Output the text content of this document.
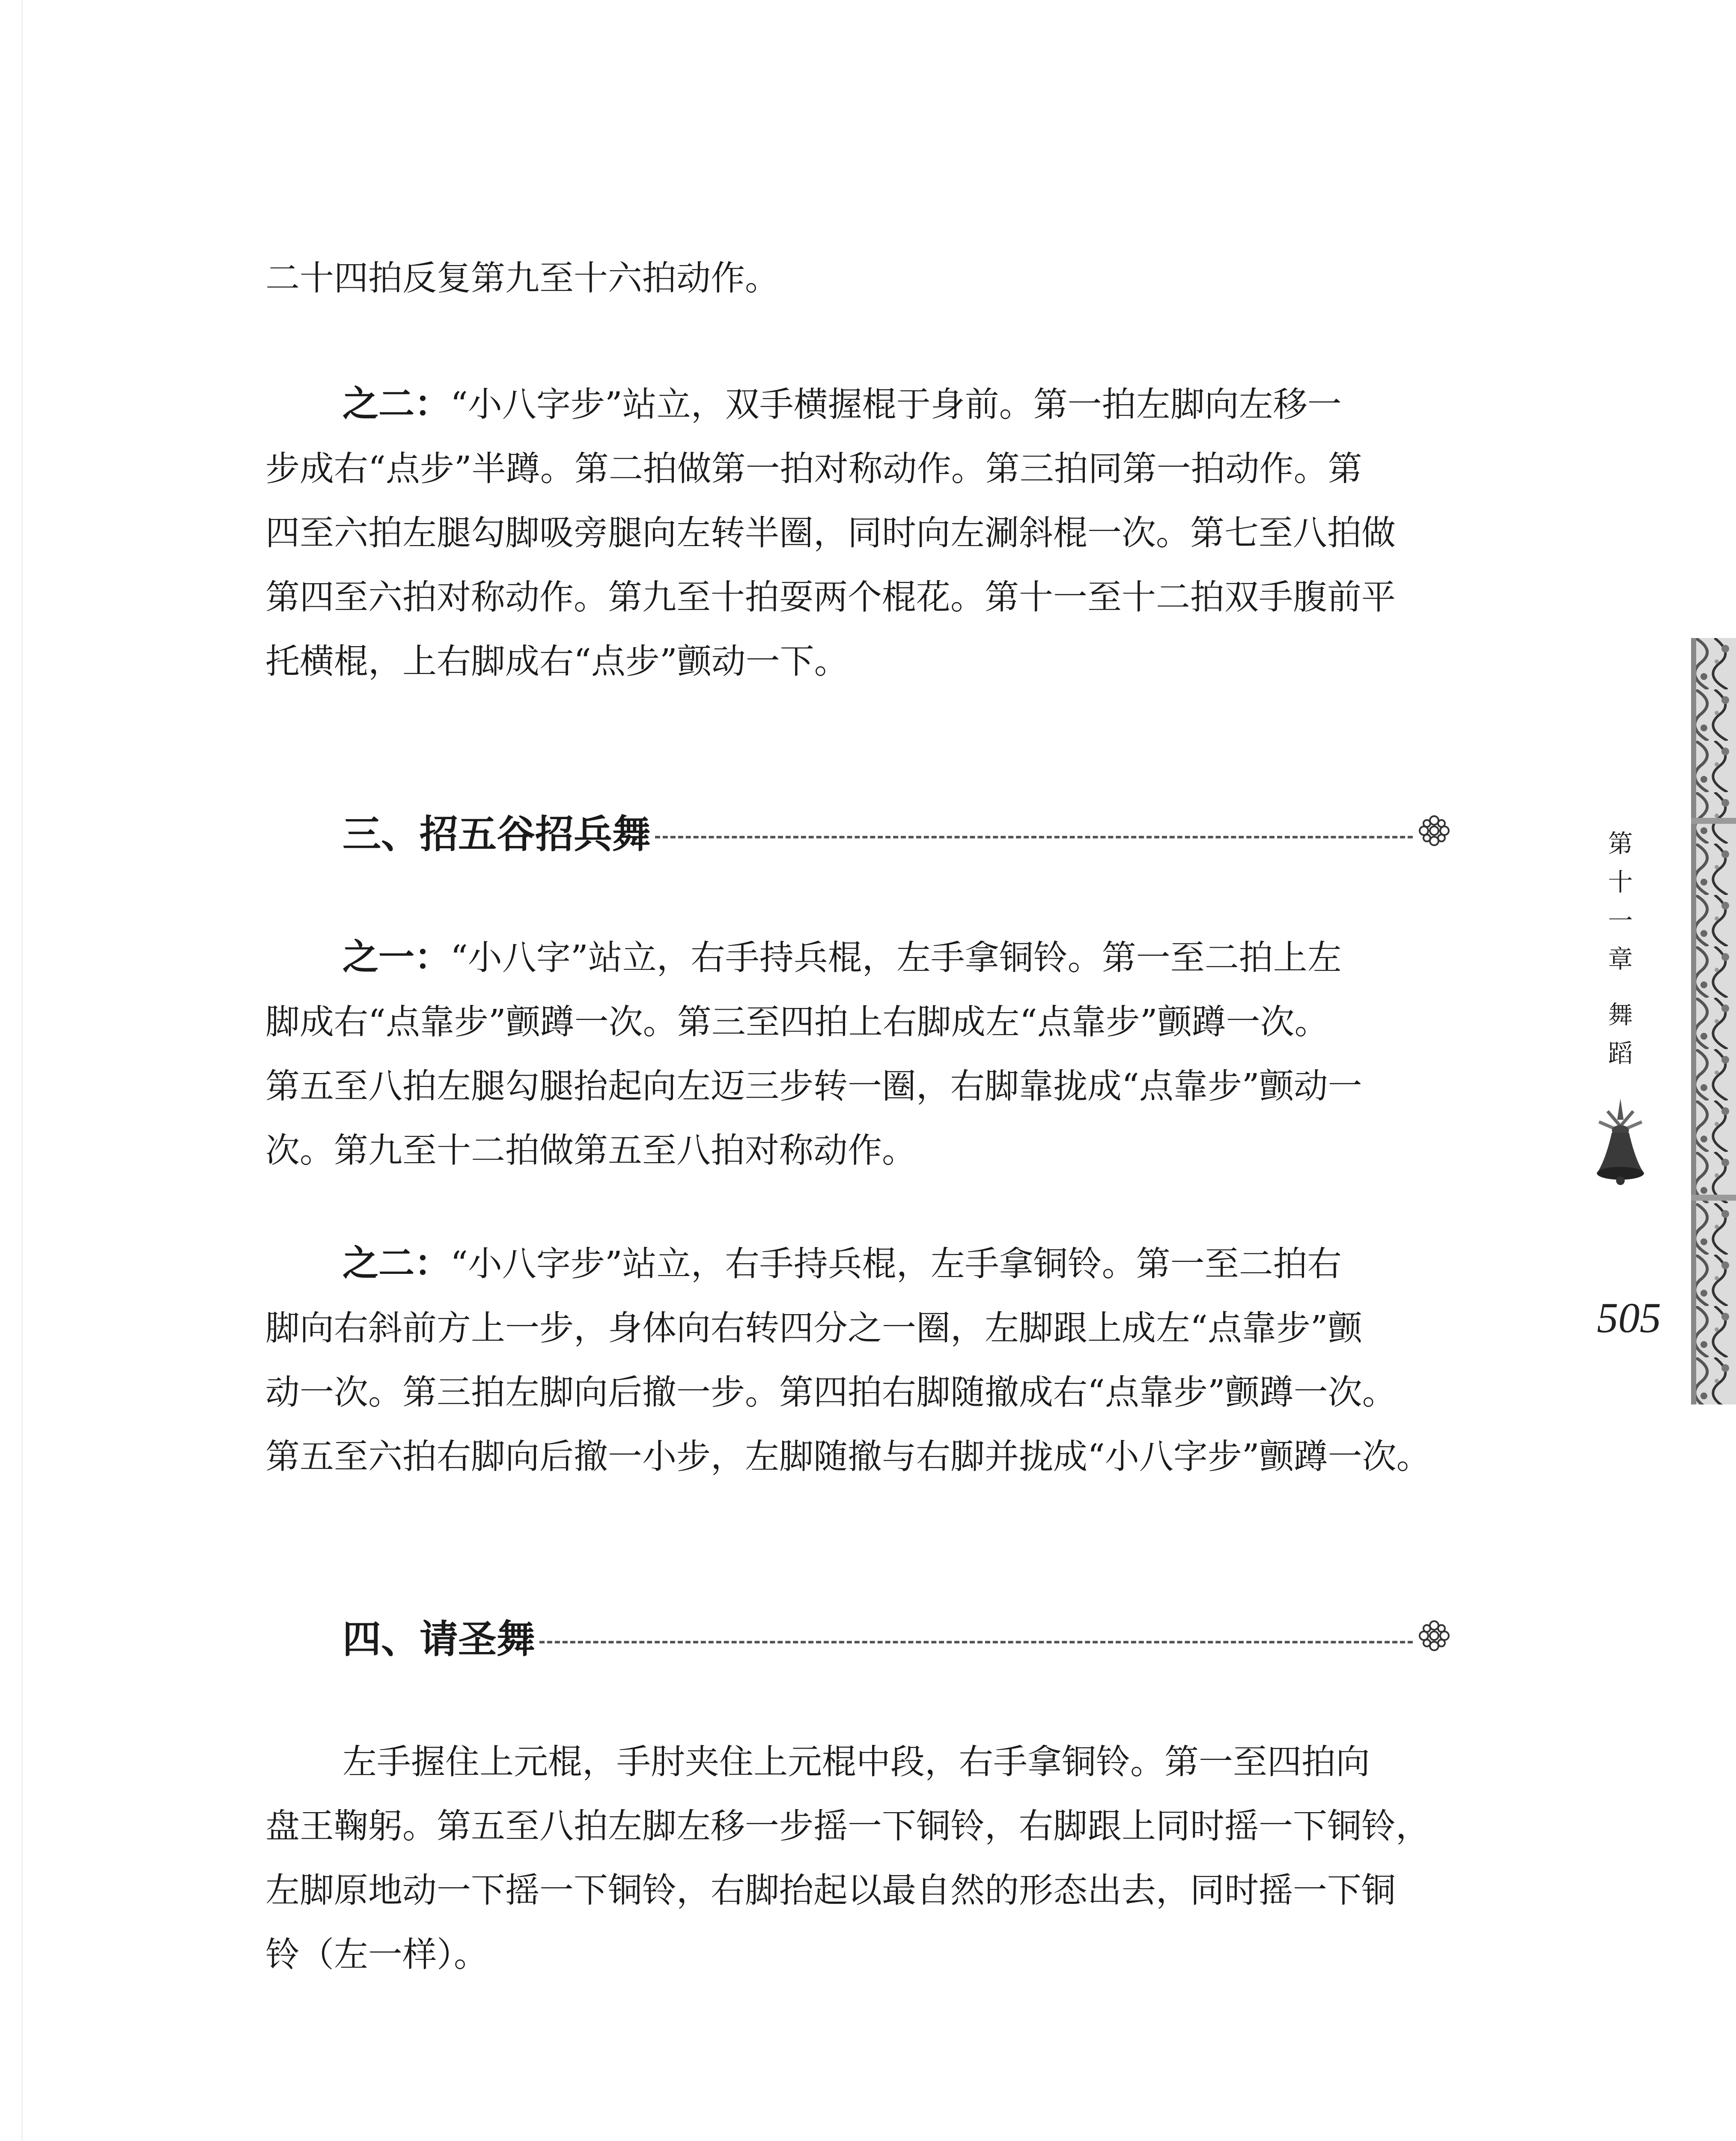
二十四拍反复第九至十六拍动作。

之二：“小八字步”站立，双手横握棍于身前。第一拍左脚向左移一
步成右“点步”半蹲。第二拍做第一拍对称动作。第三拍同第一拍动作。第
四至六拍左腿勾脚吸旁腿向左转半圈，同时向左涮斜棍一次。第七至八拍做
第四至六拍对称动作。第九至十拍耍两个棍花。第十一至十二拍双手腹前平
托横棍，上右脚成右“点步”颤动一下。

三、招五谷招兵舞

之一：“小八字”站立，右手持兵棍，左手拿铜铃。第一至二拍上左
脚成右“点靠步”颤蹲一次。第三至四拍上右脚成左“点靠步”颤蹲一次。
第五至八拍左腿勾腿抬起向左迈三步转一圈，右脚靠拢成“点靠步”颤动一
次。第九至十二拍做第五至八拍对称动作。

之二：“小八字步”站立，右手持兵棍，左手拿铜铃。第一至二拍右
脚向右斜前方上一步，身体向右转四分之一圈，左脚跟上成左“点靠步”颤
动一次。第三拍左脚向后撤一步。第四拍右脚随撤成右“点靠步”颤蹲一次。
第五至六拍右脚向后撤一小步，左脚随撤与右脚并拢成“小八字步”颤蹲一次。

四、请圣舞

左手握住上元棍，手肘夹住上元棍中段，右手拿铜铃。第一至四拍向
盘王鞠躬。第五至八拍左脚左移一步摇一下铜铃，右脚跟上同时摇一下铜铃，
左脚原地动一下摇一下铜铃，右脚抬起以最自然的形态出去，同时摇一下铜
铃（左一样）。

第
十
一
章
舞
蹈
505
